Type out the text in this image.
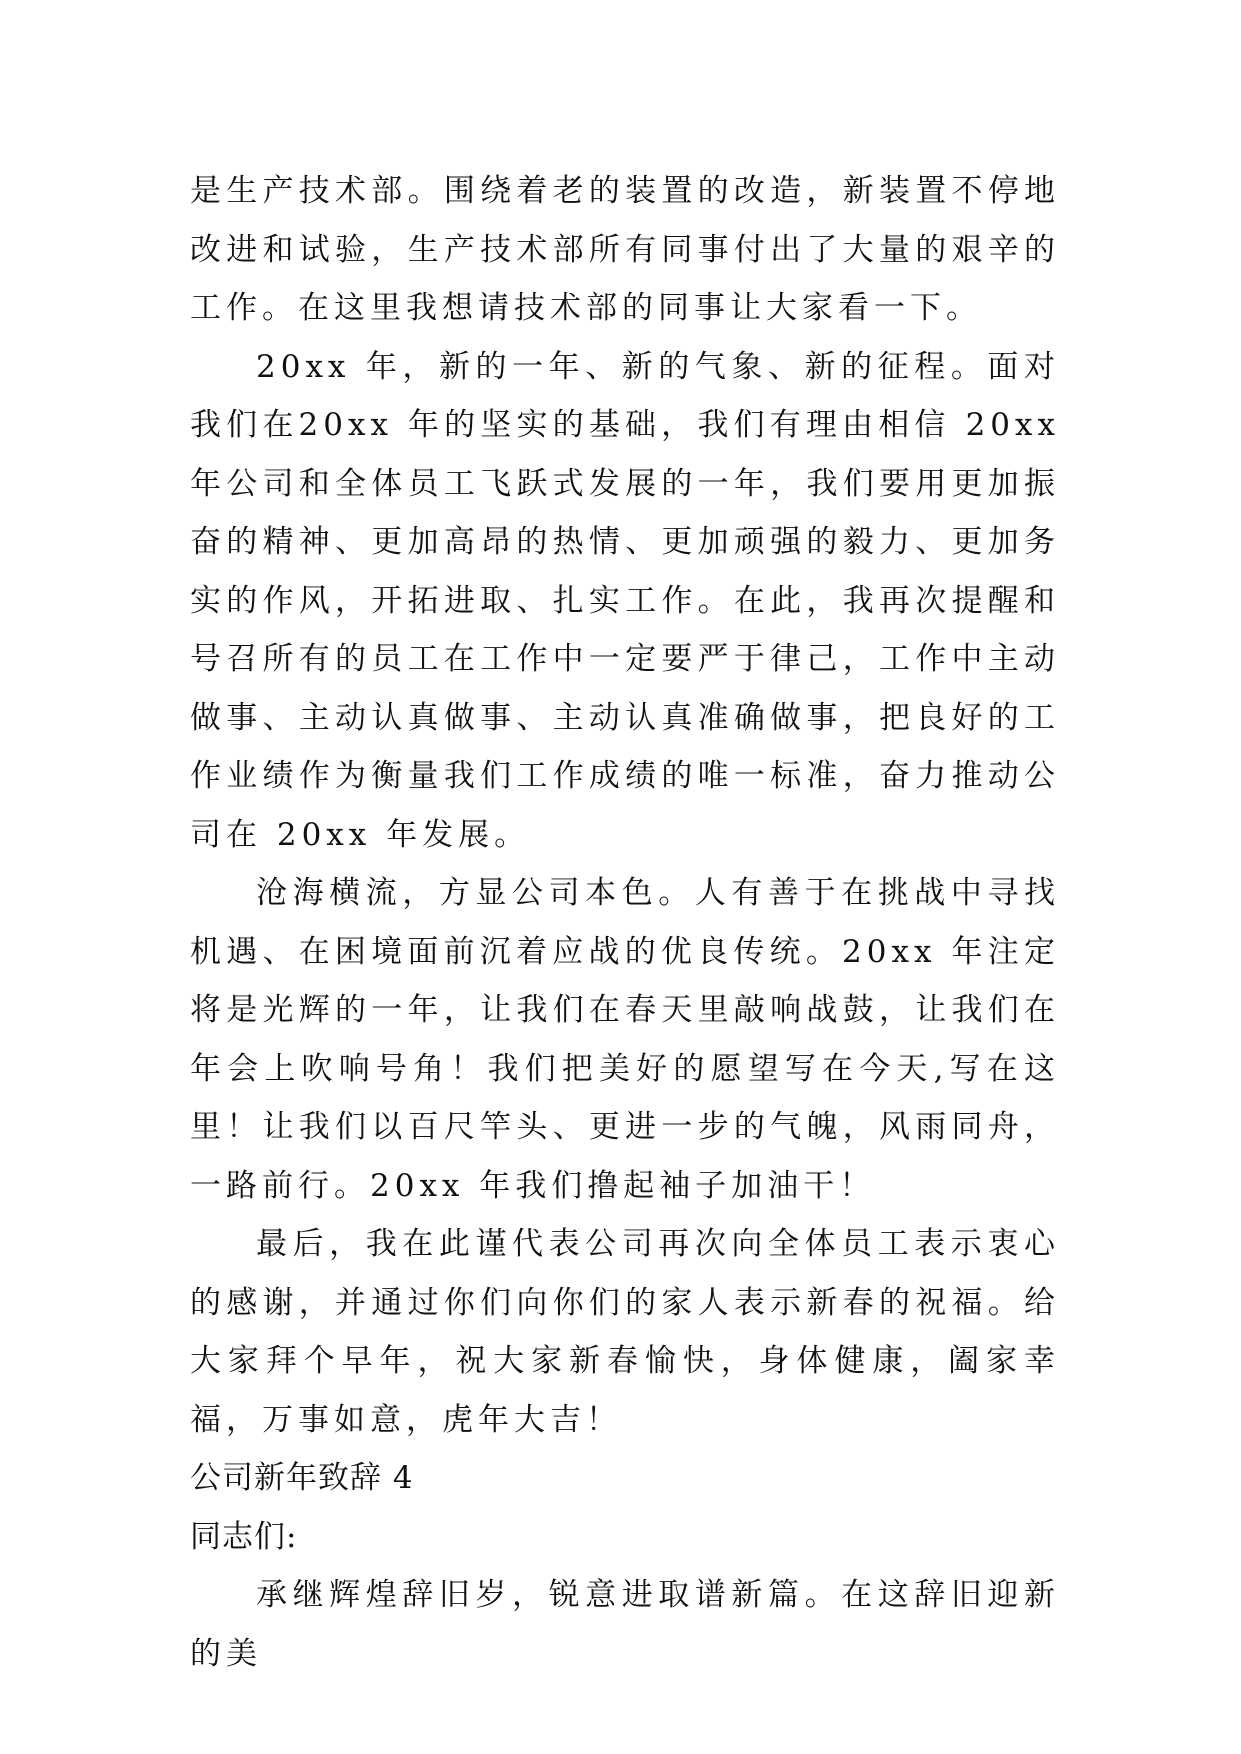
是生产技术部。围绕着老的装置的改造，新装置不停地改进和试验，生产技术部所有同事付出了大量的艰辛的工作。在这里我想请技术部的同事让大家看一下。

20xx 年，新的一年、新的气象、新的征程。面对我们在20xx 年的坚实的基础，我们有理由相信 20xx 年公司和全体员工飞跃式发展的一年，我们要用更加振奋的精神、更加高昂的热情、更加顽强的毅力、更加务实的作风，开拓进取、扎实工作。在此，我再次提醒和号召所有的员工在工作中一定要严于律己，工作中主动做事、主动认真做事、主动认真准确做事，把良好的工作业绩作为衡量我们工作成绩的唯一标准，奋力推动公司在 20xx 年发展。

沧海横流，方显公司本色。人有善于在挑战中寻找机遇、在困境面前沉着应战的优良传统。20xx 年注定将是光辉的一年，让我们在春天里敲响战鼓，让我们在年会上吹响号角！我们把美好的愿望写在今天,写在这里！让我们以百尺竿头、更进一步的气魄，风雨同舟，一路前行。20xx 年我们撸起袖子加油干！

最后，我在此谨代表公司再次向全体员工表示衷心的感谢，并通过你们向你们的家人表示新春的祝福。给大家拜个早年，祝大家新春愉快，身体健康，阖家幸福，万事如意，虎年大吉！

公司新年致辞 4

同志们:

承继辉煌辞旧岁，锐意进取谱新篇。在这辞旧迎新的美
